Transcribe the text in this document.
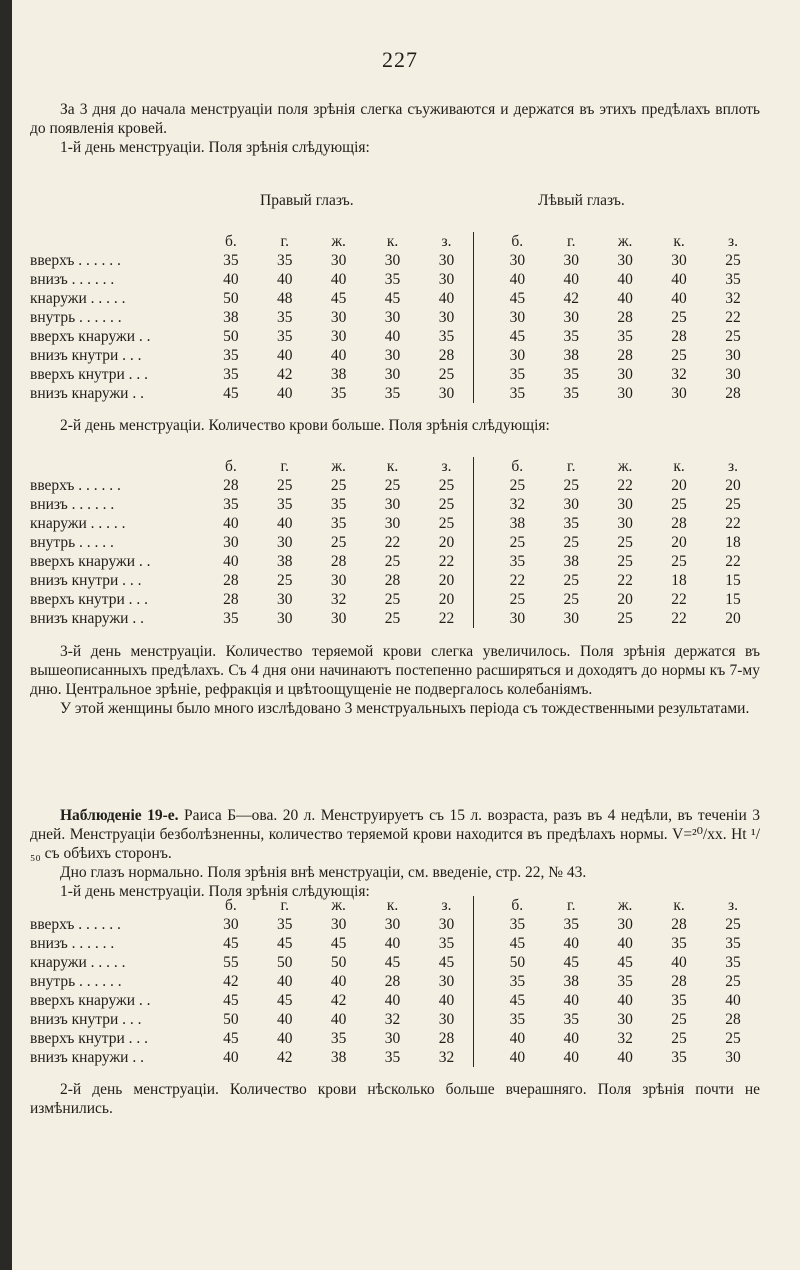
227

За 3 дня до начала менструаціи поля зрѣнія слегка съуживаются и держатся въ этихъ предѣлахъ вплоть до появленія кровей.

1-й день менструаціи. Поля зрѣнія слѣдующія:

Правый глазъ.	Лѣвый глазъ.
	б.	г.	ж.	к.	з.		б.	г.	ж.	к.	з.
вверхъ . . . . . .	35	35	30	30	30		30	30	30	30	25
внизъ . . . . . .	40	40	40	35	30		40	40	40	40	35
кнаружи . . . . .	50	48	45	45	40		45	42	40	40	32
внутрь . . . . . .	38	35	30	30	30		30	30	28	25	22
вверхъ кнаружи . .	50	35	30	40	35		45	35	35	28	25
внизъ кнутри . . .	35	40	40	30	28		30	38	28	25	30
вверхъ кнутри . . .	35	42	38	30	25		35	35	30	32	30
внизъ кнаружи . .	45	40	35	35	30		35	35	30	30	28

2-й день менструаціи. Количество крови больше. Поля зрѣнія слѣдующія:

	б.	г.	ж.	к.	з.		б.	г.	ж.	к.	з.
вверхъ . . . . . .	28	25	25	25	25		25	25	22	20	20
внизъ . . . . . .	35	35	35	30	25		32	30	30	25	25
кнаружи . . . . .	40	40	35	30	25		38	35	30	28	22
внутрь . . . . .	30	30	25	22	20		25	25	25	20	18
вверхъ кнаружи . .	40	38	28	25	22		35	38	25	25	22
внизъ кнутри . . .	28	25	30	28	20		22	25	22	18	15
вверхъ кнутри . . .	28	30	32	25	20		25	25	20	22	15
внизъ кнаружи . .	35	30	30	25	22		30	30	25	22	20

3-й день менструаціи. Количество теряемой крови слегка увеличилось. Поля зрѣнія держатся въ вышеописанныхъ предѣлахъ. Съ 4 дня они начинаютъ постепенно расширяться и доходятъ до нормы къ 7-му дню. Центральное зрѣніе, рефракція и цвѣтоощущеніе не подвергалось колебаніямъ.

У этой женщины было много изслѣдовано 3 менструальныхъ періода съ тождественными результатами.

Наблюденіе 19-е. Раиса Б—ова. 20 л. Менструируетъ съ 15 л. возраста, разъ въ 4 недѣли, въ теченіи 3 дней. Менструаціи безболѣзненны, количество теряемой крови находится въ предѣлахъ нормы. V=²⁰/xx. Ht ¹/₅₀ съ обѣихъ сторонъ.

Дно глазъ нормально. Поля зрѣнія внѣ менструаціи, см. введеніе, стр. 22, № 43.

1-й день менструаціи. Поля зрѣнія слѣдующія:

	б.	г.	ж.	к.	з.		б.	г.	ж.	к.	з.
вверхъ . . . . . .	30	35	30	30	30		35	35	30	28	25
внизъ . . . . . .	45	45	45	40	35		45	40	40	35	35
кнаружи . . . . .	55	50	50	45	45		50	45	45	40	35
внутрь . . . . . .	42	40	40	28	30		35	38	35	28	25
вверхъ кнаружи . .	45	45	42	40	40		45	40	40	35	40
внизъ кнутри . . .	50	40	40	32	30		35	35	30	25	28
вверхъ кнутри . . .	45	40	35	30	28		40	40	32	25	25
внизъ кнаружи . .	40	42	38	35	32		40	40	40	35	30

2-й день менструаціи. Количество крови нѣсколько больше вчерашняго. Поля зрѣнія почти не измѣнились.
